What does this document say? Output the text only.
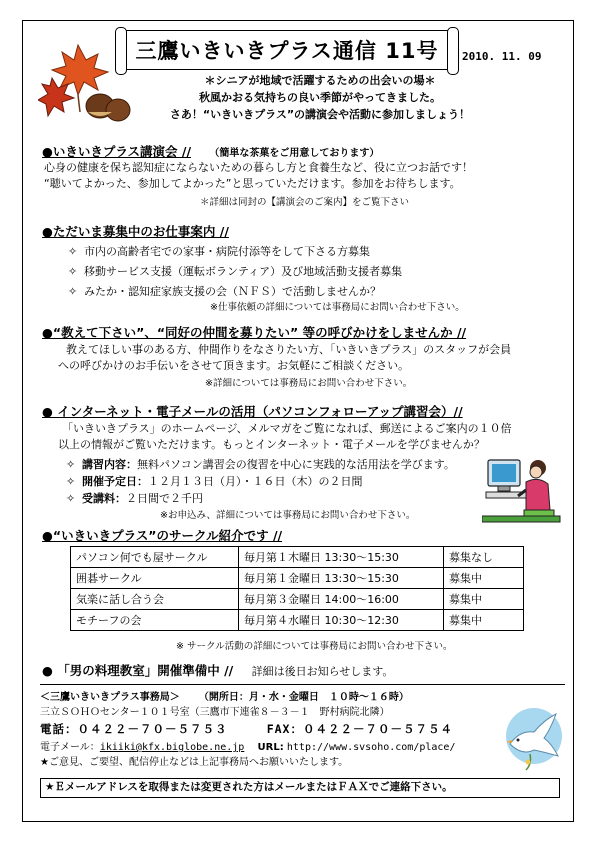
三鷹いきいきプラス通信 11号 2010. 11. 09
＊シニアが地域で活躍するための出会いの場＊
秋風かおる気持ちの良い季節がやってきました。
さあ！“いきいきプラス”の講演会や活動に参加しましょう！
●いきいきプラス講演会 // （簡単な茶菓をご用意しております）
心身の健康を保ち認知症にならないための暮らし方と食養生など、役に立つお話です！
“聴いてよかった、参加してよかった”と思っていただけます。参加をお待ちします。
＊詳細は同封の【講演会のご案内】をご覧下さい
●ただいま募集中のお仕事案内 //
✧ 市内の高齢者宅での家事・病院付添等をして下さる方募集
✧ 移動サービス支援（運転ボランティア）及び地域活動支援者募集
✧ みたか・認知症家族支援の会（ＮＦＳ）で活動しませんか？
※仕事依頼の詳細については事務局にお問い合わせ下さい。
●“教えて下さい”、“同好の仲間を募りたい” 等の呼びかけをしませんか //
教えてほしい事のある方、仲間作りをなさりたい方、「いきいきプラス」のスタッフが会員
への呼びかけのお手伝いをさせて頂きます。お気軽にご相談ください。
※詳細については事務局にお問い合わせ下さい。
● インターネット・電子メールの活用（パソコンフォローアップ講習会）//
「いきいきプラス」のホームページ、メルマガをご覧になれば、郵送によるご案内の１０倍
以上の情報がご覧いただけます。もっとインターネット・電子メールを学びませんか？
✧ 講習内容：無料パソコン講習会の復習を中心に実践的な活用法を学びます。
✧ 開催予定日：１２月１３日（月）・１６日（木）の２日間
✧ 受講料：２日間で２千円
※お申込み、詳細については事務局にお問い合わせ下さい。
●“いきいきプラス”のサークル紹介です //
パソコン何でも屋サークル	毎月第１木曜日 13:30～15:30	募集なし
囲碁サークル	毎月第１金曜日 13:30～15:30	募集中
気楽に話し合う会	毎月第３金曜日 14:00～16:00	募集中
モチーフの会	毎月第４水曜日 10:30～12:30	募集中
※ サークル活動の詳細については事務局にお問い合わせ下さい。
● 「男の料理教室」開催準備中 // 詳細は後日お知らせします。
＜三鷹いきいきプラス事務局＞ （開所日：月・水・金曜日　１０時～１６時）
三立ＳＯＨＯセンター１０１号室（三鷹市下連雀８－３－１　野村病院北隣）
電話：０４２２－７０－５７５３	FAX：０４２２－７０－５７５４
電子メール：ikiiki@kfx.biglobe.ne.jp URL: http://www.svsoho.com/place/
★ご意見、ご要望、配信停止などは上記事務局へお願いいたします。
★Ｅメールアドレスを取得または変更された方はメールまたはＦＡＸでご連絡下さい。
